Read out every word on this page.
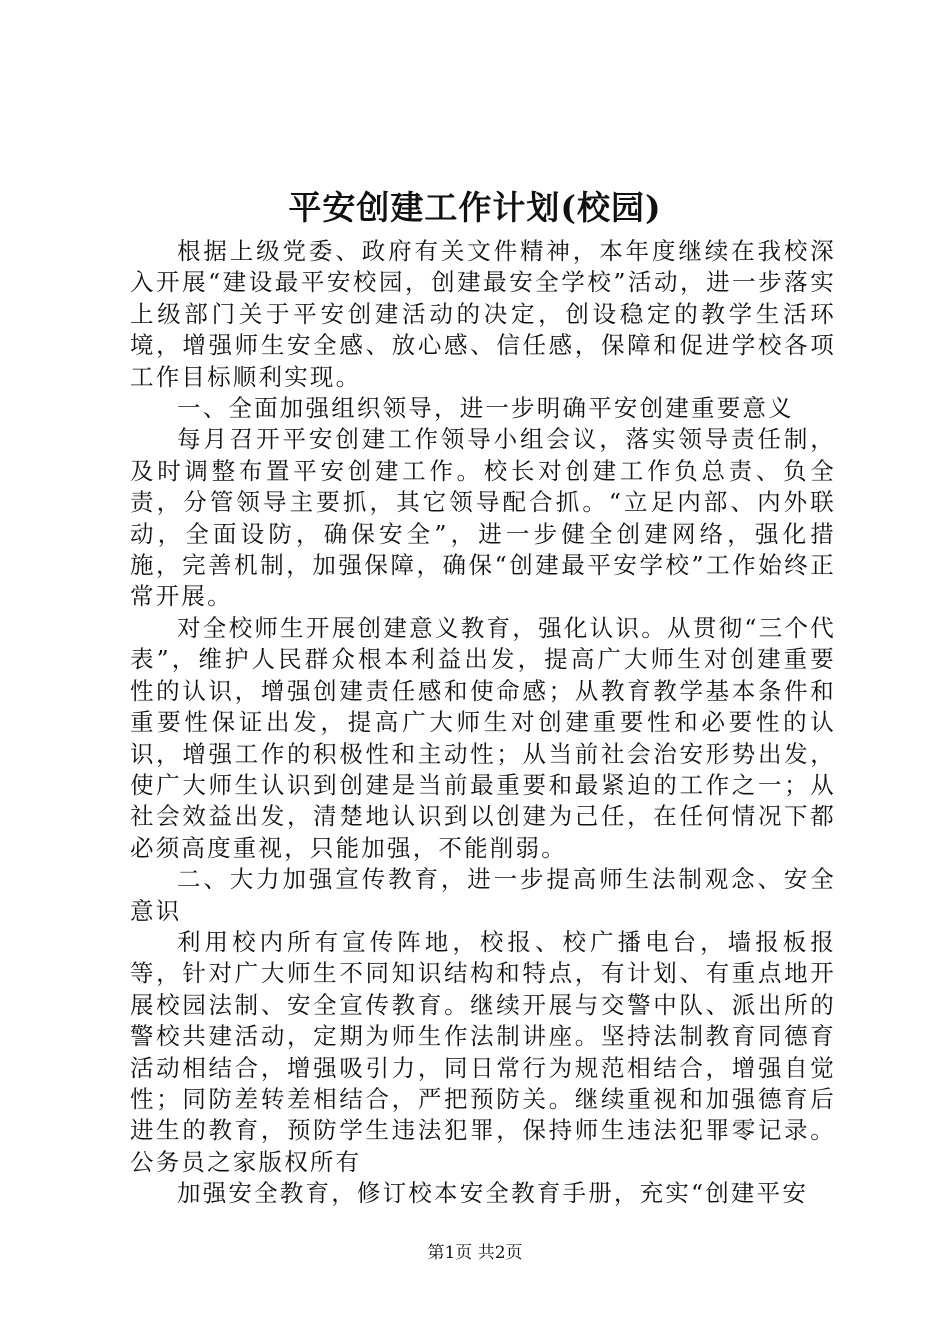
平安创建工作计划(校园)

根据上级党委、政府有关文件精神，本年度继续在我校深入开展“建设最平安校园，创建最安全学校”活动，进一步落实上级部门关于平安创建活动的决定，创设稳定的教学生活环境，增强师生安全感、放心感、信任感，保障和促进学校各项工作目标顺利实现。

一、全面加强组织领导，进一步明确平安创建重要意义

每月召开平安创建工作领导小组会议，落实领导责任制，及时调整布置平安创建工作。校长对创建工作负总责、负全责，分管领导主要抓，其它领导配合抓。“立足内部、内外联动，全面设防，确保安全”，进一步健全创建网络，强化措施，完善机制，加强保障，确保“创建最平安学校”工作始终正常开展。

对全校师生开展创建意义教育，强化认识。从贯彻“三个代表”，维护人民群众根本利益出发，提高广大师生对创建重要性的认识，增强创建责任感和使命感；从教育教学基本条件和重要性保证出发，提高广大师生对创建重要性和必要性的认识，增强工作的积极性和主动性；从当前社会治安形势出发，使广大师生认识到创建是当前最重要和最紧迫的工作之一；从社会效益出发，清楚地认识到以创建为己任，在任何情况下都必须高度重视，只能加强，不能削弱。

二、大力加强宣传教育，进一步提高师生法制观念、安全意识

利用校内所有宣传阵地，校报、校广播电台，墙报板报等，针对广大师生不同知识结构和特点，有计划、有重点地开展校园法制、安全宣传教育。继续开展与交警中队、派出所的警校共建活动，定期为师生作法制讲座。坚持法制教育同德育活动相结合，增强吸引力，同日常行为规范相结合，增强自觉性；同防差转差相结合，严把预防关。继续重视和加强德育后进生的教育，预防学生违法犯罪，保持师生违法犯罪零记录。公务员之家版权所有

加强安全教育，修订校本安全教育手册，充实“创建平安

第1页 共2页
